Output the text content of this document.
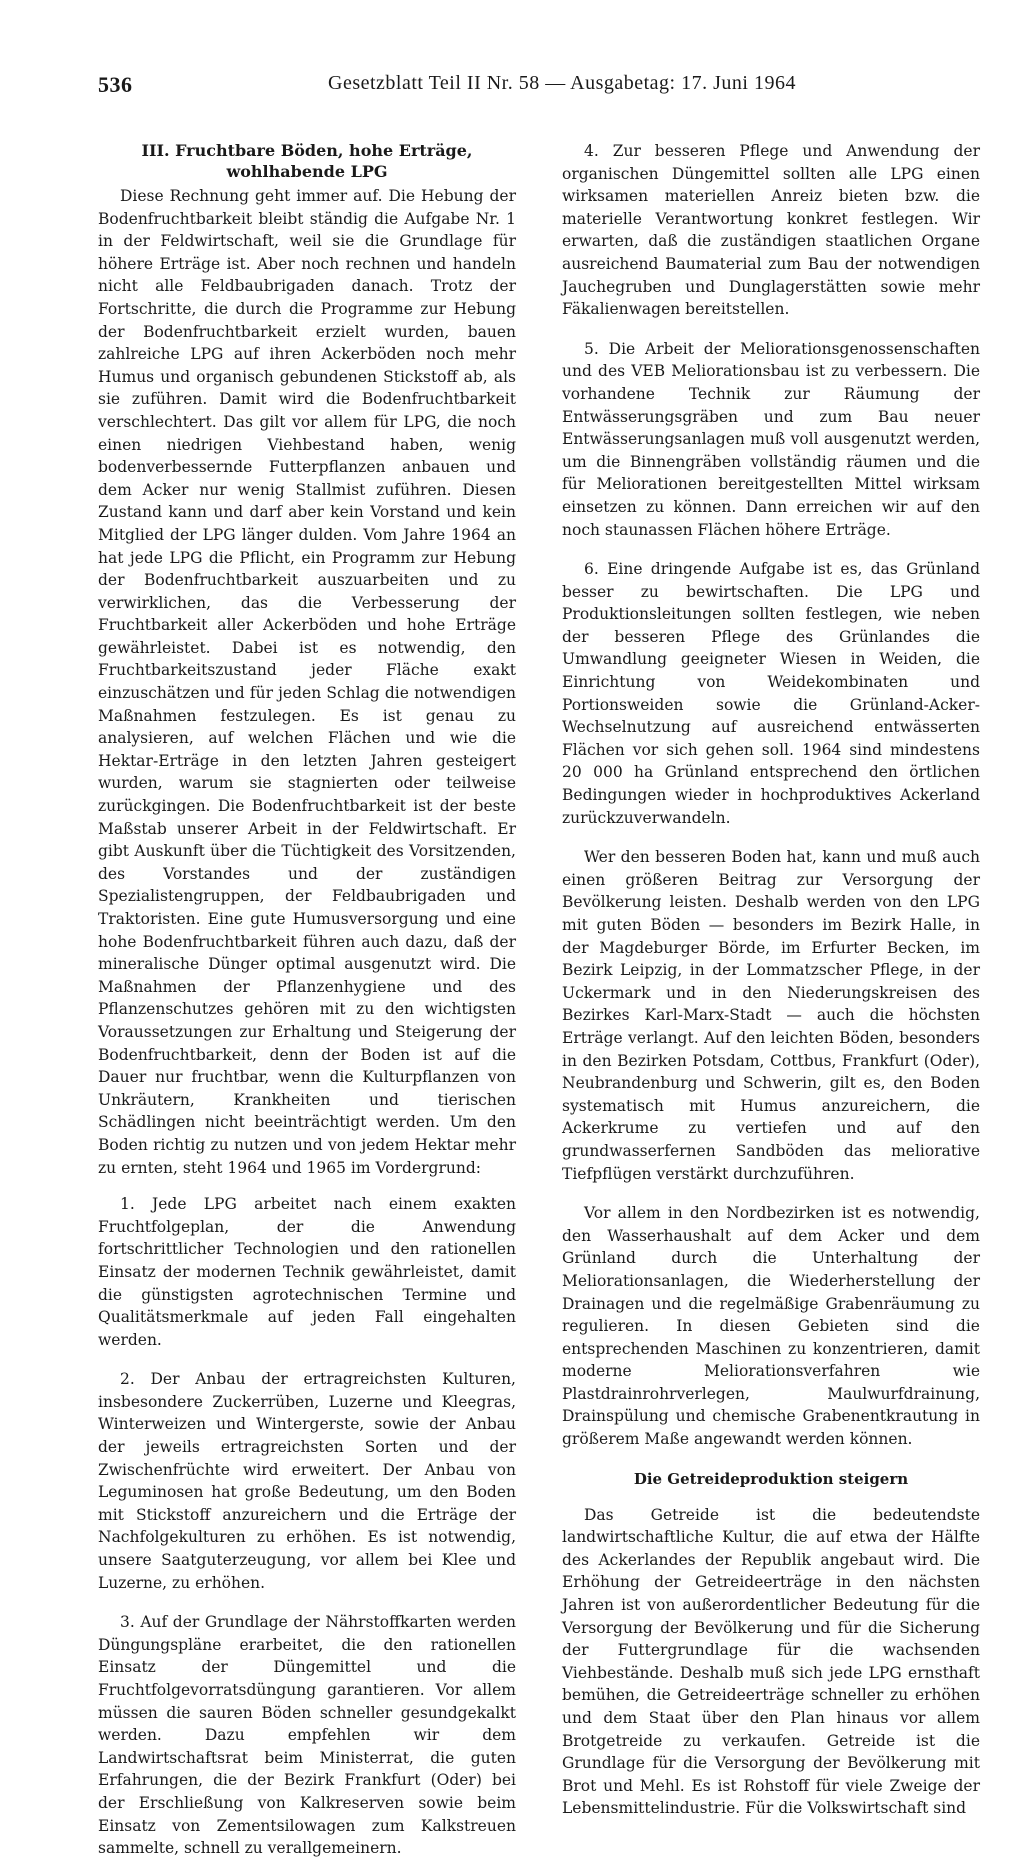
536	Gesetzblatt Teil II Nr. 58 — Ausgabetag: 17. Juni 1964
III. Fruchtbare Böden, hohe Erträge, wohlhabende LPG

Diese Rechnung geht immer auf. Die Hebung der Bodenfruchtbarkeit bleibt ständig die Aufgabe Nr. 1 in der Feldwirtschaft, weil sie die Grundlage für höhere Erträge ist. Aber noch rechnen und handeln nicht alle Feldbaubrigaden danach. Trotz der Fortschritte, die durch die Programme zur Hebung der Bodenfruchtbarkeit erzielt wurden, bauen zahlreiche LPG auf ihren Ackerböden noch mehr Humus und organisch gebundenen Stickstoff ab, als sie zuführen. Damit wird die Bodenfruchtbarkeit verschlechtert. Das gilt vor allem für LPG, die noch einen niedrigen Viehbestand haben, wenig bodenverbessernde Futterpflanzen anbauen und dem Acker nur wenig Stallmist zuführen. Diesen Zustand kann und darf aber kein Vorstand und kein Mitglied der LPG länger dulden. Vom Jahre 1964 an hat jede LPG die Pflicht, ein Programm zur Hebung der Bodenfruchtbarkeit auszuarbeiten und zu verwirklichen, das die Verbesserung der Fruchtbarkeit aller Ackerböden und hohe Erträge gewährleistet. Dabei ist es notwendig, den Fruchtbarkeitszustand jeder Fläche exakt einzuschätzen und für jeden Schlag die notwendigen Maßnahmen festzulegen. Es ist genau zu analysieren, auf welchen Flächen und wie die Hektar-Erträge in den letzten Jahren gesteigert wurden, warum sie stagnierten oder teilweise zurückgingen. Die Bodenfruchtbarkeit ist der beste Maßstab unserer Arbeit in der Feldwirtschaft. Er gibt Auskunft über die Tüchtigkeit des Vorsitzenden, des Vorstandes und der zuständigen Spezialistengruppen, der Feldbaubrigaden und Traktoristen. Eine gute Humusversorgung und eine hohe Bodenfruchtbarkeit führen auch dazu, daß der mineralische Dünger optimal ausgenutzt wird. Die Maßnahmen der Pflanzenhygiene und des Pflanzenschutzes gehören mit zu den wichtigsten Voraussetzungen zur Erhaltung und Steigerung der Bodenfruchtbarkeit, denn der Boden ist auf die Dauer nur fruchtbar, wenn die Kulturpflanzen von Unkräutern, Krankheiten und tierischen Schädlingen nicht beeinträchtigt werden. Um den Boden richtig zu nutzen und von jedem Hektar mehr zu ernten, steht 1964 und 1965 im Vordergrund:

1. Jede LPG arbeitet nach einem exakten Fruchtfolgeplan, der die Anwendung fortschrittlicher Technologien und den rationellen Einsatz der modernen Technik gewährleistet, damit die günstigsten agrotechnischen Termine und Qualitätsmerkmale auf jeden Fall eingehalten werden.

2. Der Anbau der ertragreichsten Kulturen, insbesondere Zuckerrüben, Luzerne und Kleegras, Winterweizen und Wintergerste, sowie der Anbau der jeweils ertragreichsten Sorten und der Zwischenfrüchte wird erweitert. Der Anbau von Leguminosen hat große Bedeutung, um den Boden mit Stickstoff anzureichern und die Erträge der Nachfolgekulturen zu erhöhen. Es ist notwendig, unsere Saatguterzeugung, vor allem bei Klee und Luzerne, zu erhöhen.

3. Auf der Grundlage der Nährstoffkarten werden Düngungspläne erarbeitet, die den rationellen Einsatz der Düngemittel und die Fruchtfolgevorratsdüngung garantieren. Vor allem müssen die sauren Böden schneller gesundgekalkt werden. Dazu empfehlen wir dem Landwirtschaftsrat beim Ministerrat, die guten Erfahrungen, die der Bezirk Frankfurt (Oder) bei der Erschließung von Kalkreserven sowie beim Einsatz von Zementsilowagen zum Kalkstreuen sammelte, schnell zu verallgemeinern.

4. Zur besseren Pflege und Anwendung der organischen Düngemittel sollten alle LPG einen wirksamen materiellen Anreiz bieten bzw. die materielle Verantwortung konkret festlegen. Wir erwarten, daß die zuständigen staatlichen Organe ausreichend Baumaterial zum Bau der notwendigen Jauchegruben und Dunglagerstätten sowie mehr Fäkalienwagen bereitstellen.

5. Die Arbeit der Meliorationsgenossenschaften und des VEB Meliorationsbau ist zu verbessern. Die vorhandene Technik zur Räumung der Entwässerungsgräben und zum Bau neuer Entwässerungsanlagen muß voll ausgenutzt werden, um die Binnengräben vollständig räumen und die für Meliorationen bereitgestellten Mittel wirksam einsetzen zu können. Dann erreichen wir auf den noch staunassen Flächen höhere Erträge.

6. Eine dringende Aufgabe ist es, das Grünland besser zu bewirtschaften. Die LPG und Produktionsleitungen sollten festlegen, wie neben der besseren Pflege des Grünlandes die Umwandlung geeigneter Wiesen in Weiden, die Einrichtung von Weidekombinaten und Portionsweiden sowie die Grünland-Acker-Wechselnutzung auf ausreichend entwässerten Flächen vor sich gehen soll. 1964 sind mindestens 20 000 ha Grünland entsprechend den örtlichen Bedingungen wieder in hochproduktives Ackerland zurückzuverwandeln.

Wer den besseren Boden hat, kann und muß auch einen größeren Beitrag zur Versorgung der Bevölkerung leisten. Deshalb werden von den LPG mit guten Böden — besonders im Bezirk Halle, in der Magdeburger Börde, im Erfurter Becken, im Bezirk Leipzig, in der Lommatzscher Pflege, in der Uckermark und in den Niederungskreisen des Bezirkes Karl-Marx-Stadt — auch die höchsten Erträge verlangt. Auf den leichten Böden, besonders in den Bezirken Potsdam, Cottbus, Frankfurt (Oder), Neubrandenburg und Schwerin, gilt es, den Boden systematisch mit Humus anzureichern, die Ackerkrume zu vertiefen und auf den grundwasserfernen Sandböden das meliorative Tiefpflügen verstärkt durchzuführen.

Vor allem in den Nordbezirken ist es notwendig, den Wasserhaushalt auf dem Acker und dem Grünland durch die Unterhaltung der Meliorationsanlagen, die Wiederherstellung der Drainagen und die regelmäßige Grabenräumung zu regulieren. In diesen Gebieten sind die entsprechenden Maschinen zu konzentrieren, damit moderne Meliorationsverfahren wie Plastdrainrohrverlegen, Maulwurfdrainung, Drainspülung und chemische Grabenentkrautung in größerem Maße angewandt werden können.

Die Getreideproduktion steigern

Das Getreide ist die bedeutendste landwirtschaftliche Kultur, die auf etwa der Hälfte des Ackerlandes der Republik angebaut wird. Die Erhöhung der Getreideerträge in den nächsten Jahren ist von außerordentlicher Bedeutung für die Versorgung der Bevölkerung und für die Sicherung der Futtergrundlage für die wachsenden Viehbestände. Deshalb muß sich jede LPG ernsthaft bemühen, die Getreideerträge schneller zu erhöhen und dem Staat über den Plan hinaus vor allem Brotgetreide zu verkaufen. Getreide ist die Grundlage für die Versorgung der Bevölkerung mit Brot und Mehl. Es ist Rohstoff für viele Zweige der Lebensmittelindustrie. Für die Volkswirtschaft sind
